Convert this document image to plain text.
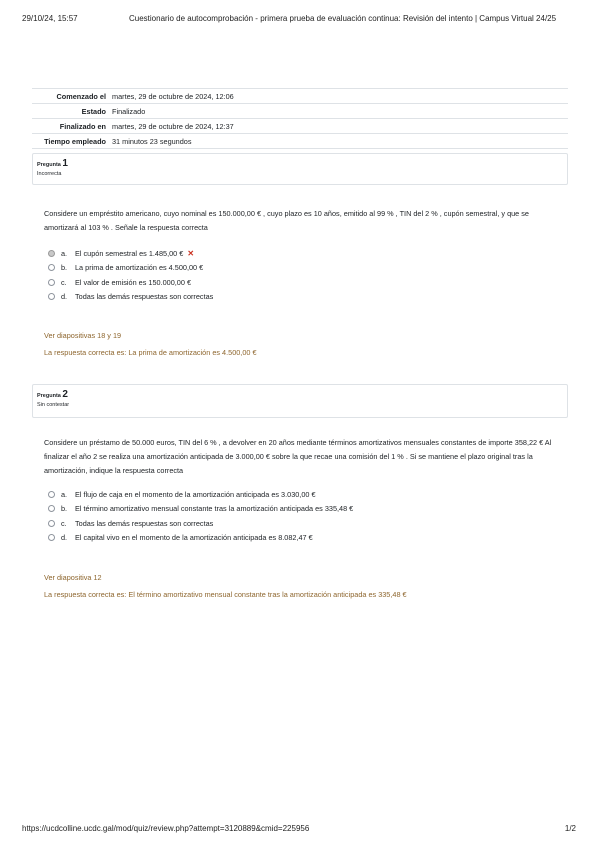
29/10/24, 15:57	Cuestionario de autocomprobación - primera prueba de evaluación continua: Revisión del intento | Campus Virtual 24/25
Comenzado el	martes, 29 de octubre de 2024, 12:06
Estado	Finalizado
Finalizado en	martes, 29 de octubre de 2024, 12:37
Tiempo empleado	31 minutos 23 segundos
Pregunta 1
Incorrecta
Considere un empréstito americano, cuyo nominal es 150.000,00 € , cuyo plazo es 10 años, emitido al 99 % , TIN del 2 % , cupón semestral, y que se amortizará al 103 % . Señale la respuesta correcta
a.	El cupón semestral es 1.485,00 € ✕
b.	La prima de amortización es 4.500,00 €
c.	El valor de emisión es 150.000,00 €
d.	Todas las demás respuestas son correctas
Ver diapositivas 18 y 19
La respuesta correcta es: La prima de amortización es 4.500,00 €
Pregunta 2
Sin contestar
Considere un préstamo de 50.000 euros, TIN del 6 % , a devolver en 20 años mediante términos amortizativos mensuales constantes de importe 358,22 € Al finalizar el año 2 se realiza una amortización anticipada de 3.000,00 € sobre la que recae una comisión del 1 % . Si se mantiene el plazo original tras la amortización, indique la respuesta correcta
a.	El flujo de caja en el momento de la amortización anticipada es 3.030,00 €
b.	El término amortizativo mensual constante tras la amortización anticipada es 335,48 €
c.	Todas las demás respuestas son correctas
d.	El capital vivo en el momento de la amortización anticipada es 8.082,47 €
Ver diapositiva 12
La respuesta correcta es: El término amortizativo mensual constante tras la amortización anticipada es 335,48 €
https://ucdcolline.ucdc.gal/mod/quiz/review.php?attempt=3120889&cmid=225956	1/2
